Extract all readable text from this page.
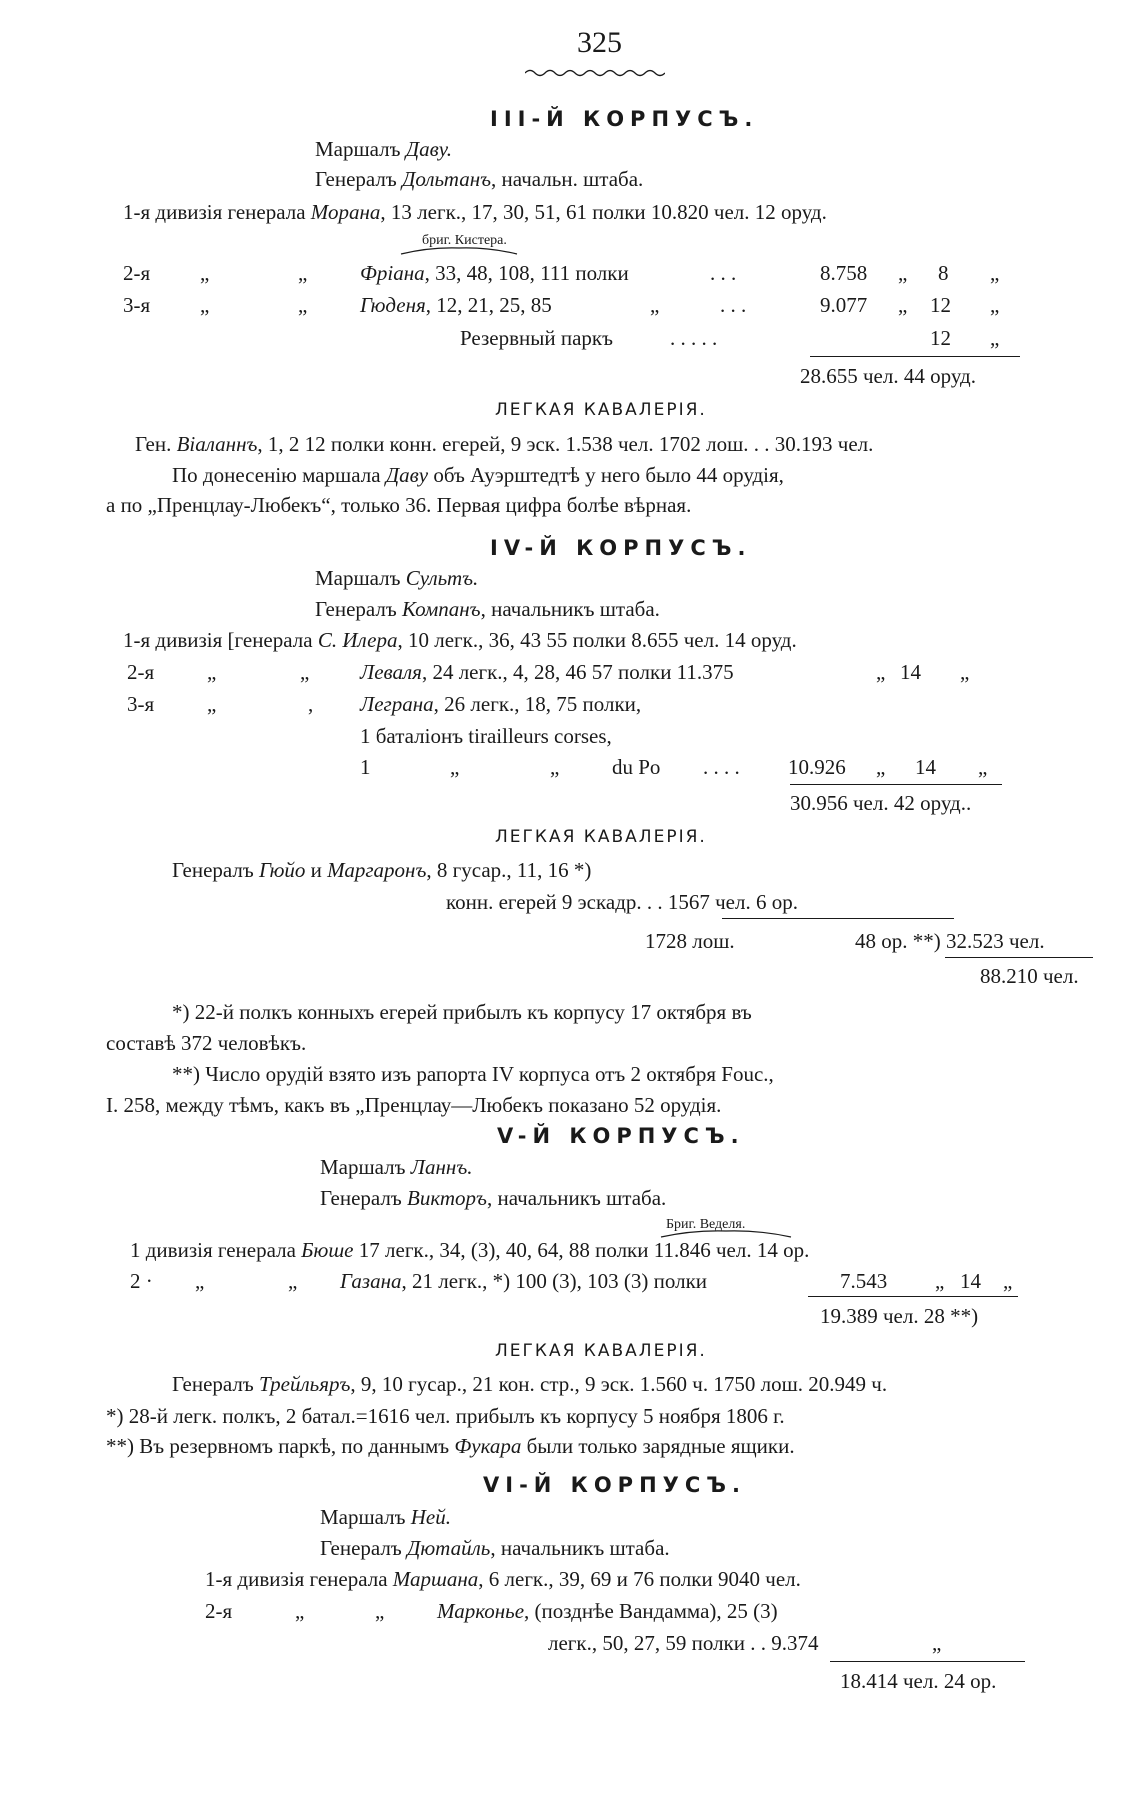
325
III-Й КОРПУСЪ.
Маршалъ Даву.
Генералъ Дольтанъ, начальн. штаба.
1-я дивизія генерала Морана, 13 легк., 17, 30, 51, 61 полки 10.820 чел. 12 оруд.
бриг. Кистера.
2-я „	„	Фріана, 33, 48, 108, 111 полки	. . .	8.758 „ 8 „
3-я „	„	Гюденя, 12, 21, 25, 85	„	. . .	9.077 „ 12 „
Резервный паркъ	. . . . .	12 „
28.655 чел. 44 оруд.
ЛЕГКАЯ КАВАЛЕРІЯ.
Ген. Віаланнъ, 1, 2 12 полки конн. егерей, 9 эск. 1.538 чел. 1702 лош. . . 30.193 чел.
По донесенію маршала Даву объ Ауэрштедтѣ у него было 44 орудія,
а по „Пренцлау-Любекъ“, только 36. Первая цифра болѣе вѣрная.
IV-Й КОРПУСЪ.
Маршалъ Сультъ.
Генералъ Компанъ, начальникъ штаба.
1-я дивизія [генерала С. Илера, 10 легк., 36, 43 55 полки 8.655 чел. 14 оруд.
2-я	„	„ Леваля, 24 легк., 4, 28, 46 57 полки 11.375	„ 14 „
3-я	„	, Леграна, 26 легк., 18, 75 полки,
1 баталіонъ tirailleurs corses,
1	„	„	du Po . . . . 10.926 „ 14 „
30.956 чел. 42 оруд..
ЛЕГКАЯ КАВАЛЕРІЯ.
Генералъ Гюйо и Маргаронъ, 8 гусар., 11, 16 *)
конн. егерей 9 эскадр. . . 1567 чел. 6 ор.
1728 лош.	48 ор. **) 32.523 чел.
88.210 чел.
*) 22-й полкъ конныхъ егерей прибылъ къ корпусу 17 октября въ
составѣ 372 человѣкъ.
**) Число орудій взято изъ рапорта IV корпуса отъ 2 октября Fouc.,
I. 258, между тѣмъ, какъ въ „Пренцлау—Любекъ показано 52 орудія.
V-Й КОРПУСЪ.
Маршалъ Ланнъ.
Генералъ Викторъ, начальникъ штаба.
Бриг. Веделя.
1 дивизія генерала Бюше 17 легк., 34, (3), 40, 64, 88 полки 11.846 чел. 14 ор.
2 · „	„ Газана, 21 легк., *) 100 (3), 103 (3) полки	7.543 „ 14 „
19.389 чел. 28 **)
ЛЕГКАЯ КАВАЛЕРІЯ.
Генералъ Трейльяръ, 9, 10 гусар., 21 кон. стр., 9 эск. 1.560 ч. 1750 лош. 20.949 ч.
*) 28-й легк. полкъ, 2 батал.=1616 чел. прибылъ къ корпусу 5 ноября 1806 г.
**) Въ резервномъ паркѣ, по даннымъ Фукара были только зарядные ящики.
VI-Й КОРПУСЪ.
Маршалъ Ней.
Генералъ Дютайль, начальникъ штаба.
1-я дивизія генерала Маршана, 6 легк., 39, 69 и 76 полки 9040 чел.
2-я	„	„	Марконье, (позднѣе Вандамма), 25 (3)
легк., 50, 27, 59 полки . . 9.374	„
18.414 чел. 24 ор.
